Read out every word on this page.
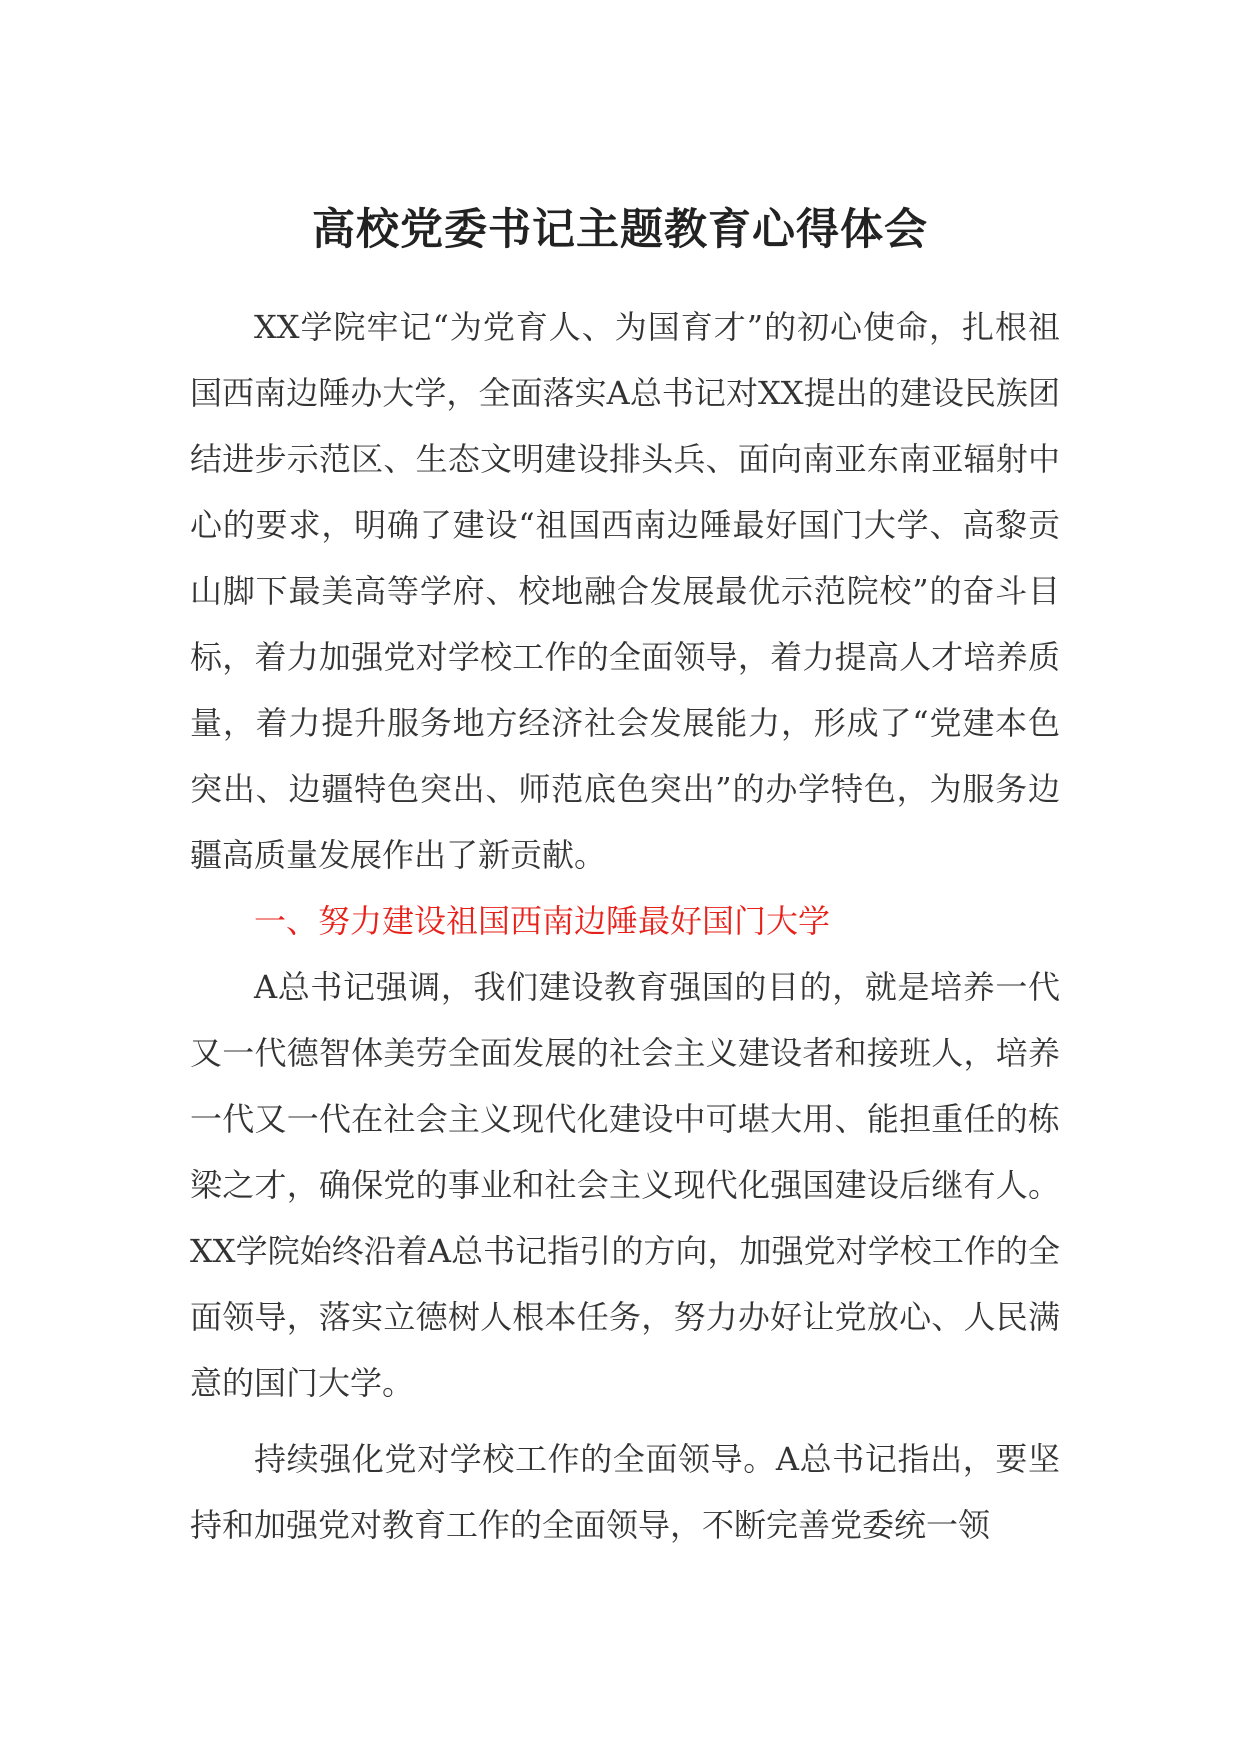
高校党委书记主题教育心得体会

XX学院牢记“为党育人、为国育才”的初心使命，扎根祖国西南边陲办大学，全面落实A总书记对XX提出的建设民族团结进步示范区、生态文明建设排头兵、面向南亚东南亚辐射中心的要求，明确了建设“祖国西南边陲最好国门大学、高黎贡山脚下最美高等学府、校地融合发展最优示范院校”的奋斗目标，着力加强党对学校工作的全面领导，着力提高人才培养质量，着力提升服务地方经济社会发展能力，形成了“党建本色突出、边疆特色突出、师范底色突出”的办学特色，为服务边疆高质量发展作出了新贡献。

一、努力建设祖国西南边陲最好国门大学

A总书记强调，我们建设教育强国的目的，就是培养一代又一代德智体美劳全面发展的社会主义建设者和接班人，培养一代又一代在社会主义现代化建设中可堪大用、能担重任的栋梁之才，确保党的事业和社会主义现代化强国建设后继有人。XX学院始终沿着A总书记指引的方向，加强党对学校工作的全面领导，落实立德树人根本任务，努力办好让党放心、人民满意的国门大学。

持续强化党对学校工作的全面领导。A总书记指出，要坚持和加强党对教育工作的全面领导，不断完善党委统一领
